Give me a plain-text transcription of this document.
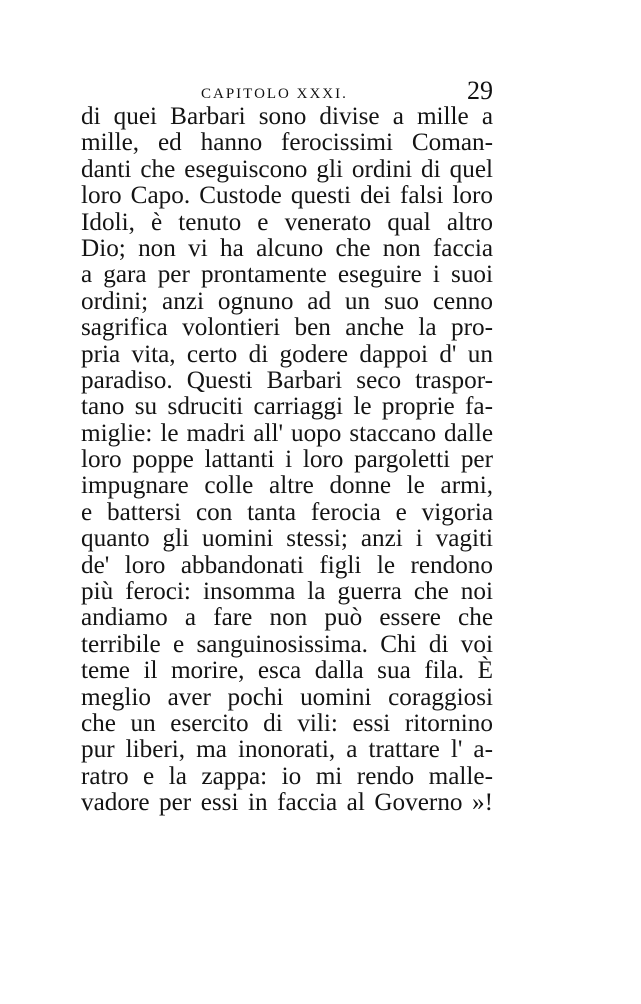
CAPITOLO XXXI.	29
di quei Barbari sono divise a mille a
mille, ed hanno ferocissimi Coman-
danti che eseguiscono gli ordini di quel
loro Capo. Custode questi dei falsi loro
Idoli, è tenuto e venerato qual altro
Dio; non vi ha alcuno che non faccia
a gara per prontamente eseguire i suoi
ordini; anzi ognuno ad un suo cenno
sagrifica volontieri ben anche la pro-
pria vita, certo di godere dappoi d' un
paradiso. Questi Barbari seco traspor-
tano su sdruciti carriaggi le proprie fa-
miglie: le madri all' uopo staccano dalle
loro poppe lattanti i loro pargoletti per
impugnare colle altre donne le armi,
e battersi con tanta ferocia e vigoria
quanto gli uomini stessi; anzi i vagiti
de' loro abbandonati figli le rendono
più feroci: insomma la guerra che noi
andiamo a fare non può essere che
terribile e sanguinosissima. Chi di voi
teme il morire, esca dalla sua fila. È
meglio aver pochi uomini coraggiosi
che un esercito di vili: essi ritornino
pur liberi, ma inonorati, a trattare l' a-
ratro e la zappa: io mi rendo malle-
vadore per essi in faccia al Governo »!
